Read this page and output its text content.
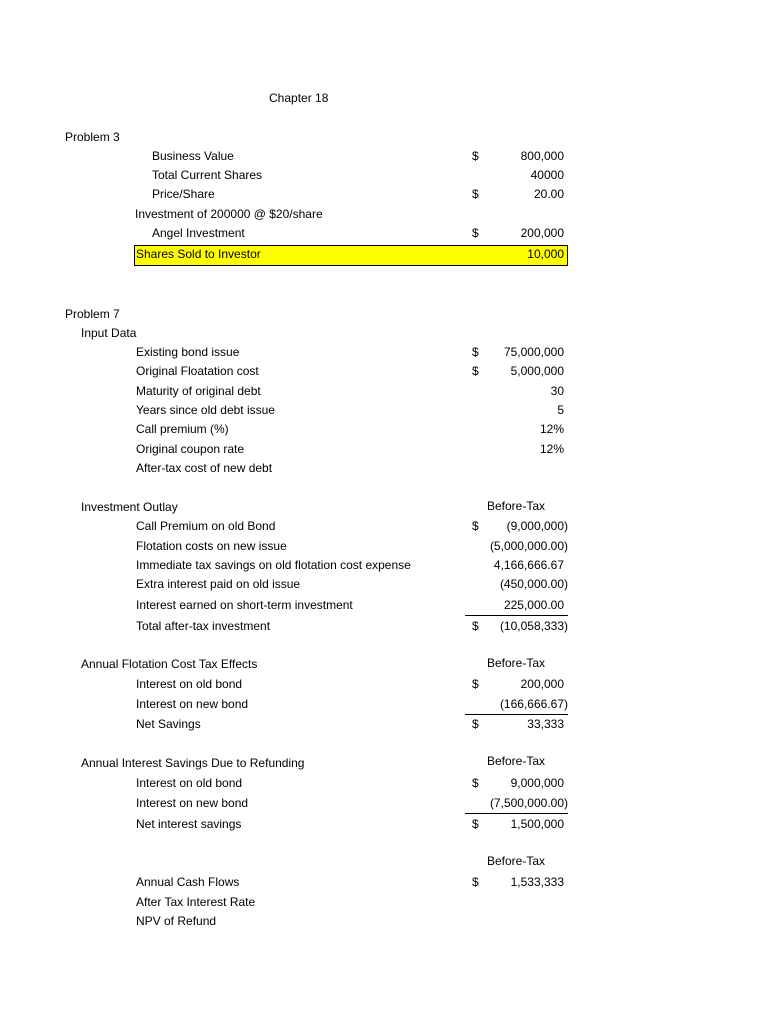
Chapter 18
Problem 3
Business Value	$	800,000
Total Current Shares	40000
Price/Share	$	20.00
Investment of 200000 @ $20/share
Angel Investment	$	200,000
Shares Sold to Investor	10,000
Problem 7
Input Data
Existing bond issue	$ 75,000,000
Original Floatation cost	$	5,000,000
Maturity of original debt	30
Years since old debt issue	5
Call premium (%)	12%
Original coupon rate	12%
After-tax cost of new debt
Investment Outlay	Before-Tax
Call Premium on old Bond	$ (9,000,000)
Flotation costs on new issue	(5,000,000.00)
Immediate tax savings on old flotation cost expense	4,166,666.67
Extra interest paid on old issue	(450,000.00)
Interest earned on short-term investment	225,000.00
Total after-tax investment	$ (10,058,333)
Annual Flotation Cost Tax Effects	Before-Tax
Interest on old bond	$	200,000
Interest on new bond	(166,666.67)
Net Savings	$	33,333
Annual Interest Savings Due to Refunding	Before-Tax
Interest on old bond	$	9,000,000
Interest on new bond	(7,500,000.00)
Net interest savings	$	1,500,000
Before-Tax
Annual Cash Flows	$	1,533,333
After Tax Interest Rate
NPV of Refund
